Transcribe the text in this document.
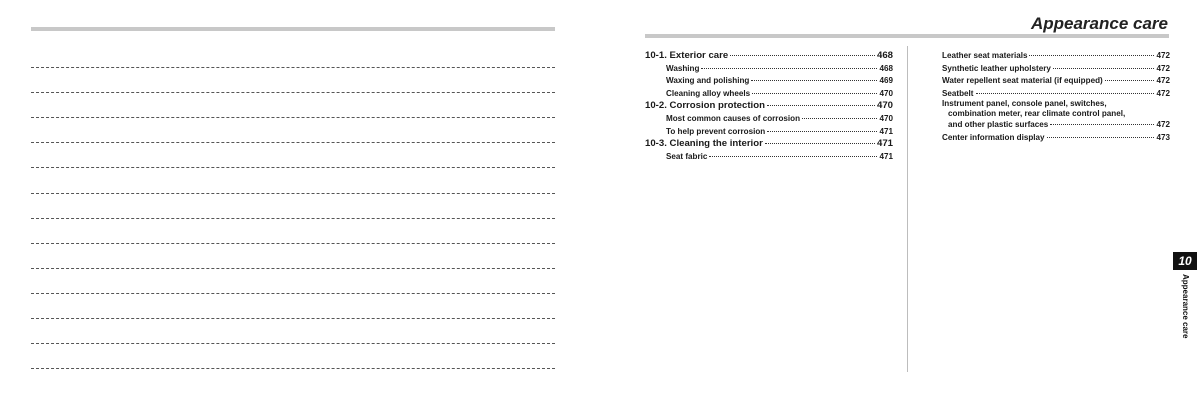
Appearance care
10-1. Exterior care	468
Washing	468
Waxing and polishing	469
Cleaning alloy wheels	470
10-2. Corrosion protection	470
Most common causes of corrosion	470
To help prevent corrosion	471
10-3. Cleaning the interior	471
Seat fabric	471
Leather seat materials	472
Synthetic leather upholstery	472
Water repellent seat material (if equipped)	472
Seatbelt	472
Instrument panel, console panel, switches,
combination meter, rear climate control panel,
and other plastic surfaces	472
Center information display	473
10
Appearance care
